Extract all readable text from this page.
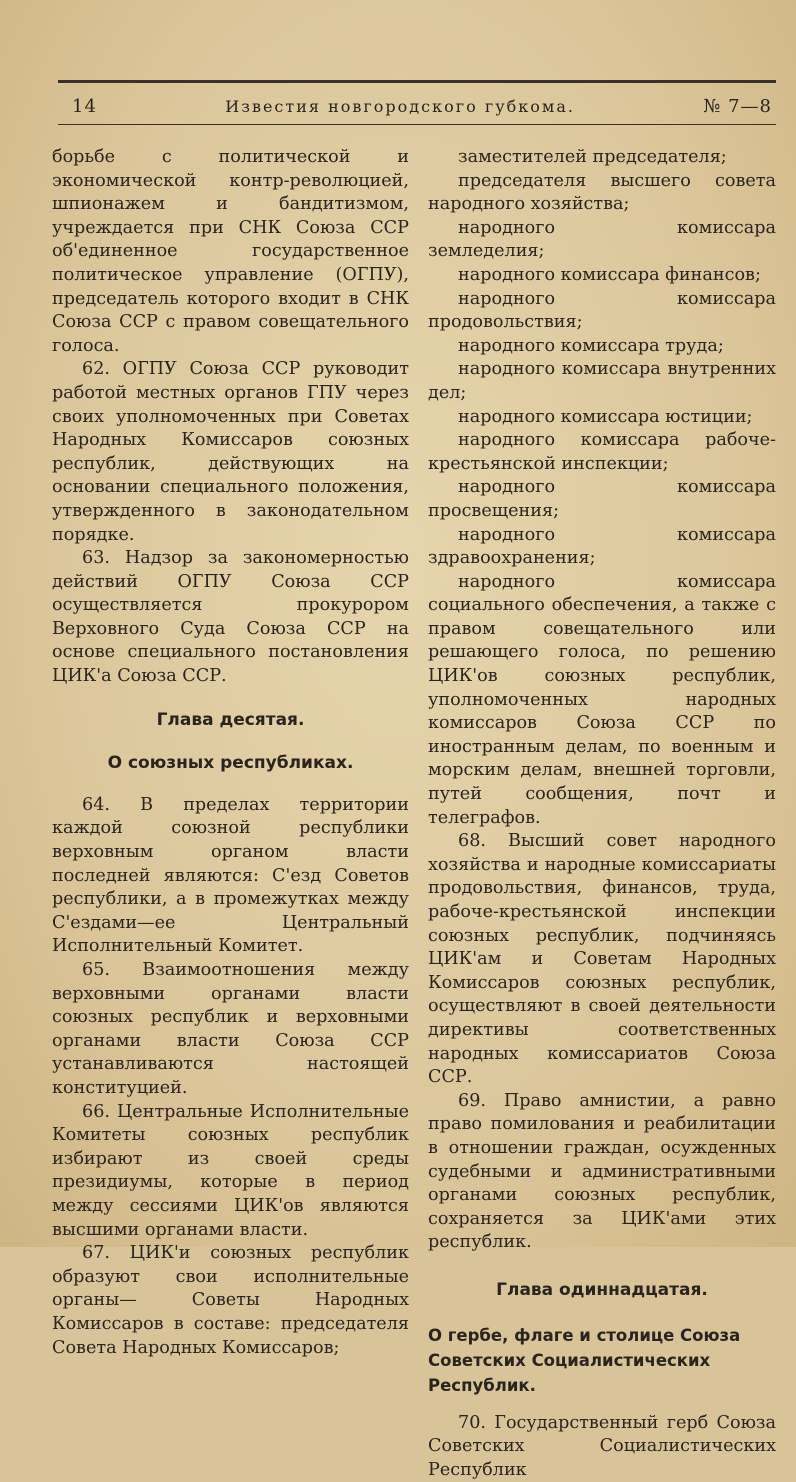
14	Известия новгородского губкома.	№ 7—8

борьбе с политической и экономической контр-революцией, шпионажем и бандитизмом, учреждается при СНК Союза ССР об'единенное государственное политическое управление (ОГПУ), председатель которого входит в СНК Союза ССР с правом совещательного голоса.

62. ОГПУ Союза ССР руководит работой местных органов ГПУ через своих уполномоченных при Советах Народных Комиссаров союзных республик, действующих на основании специального положения, утвержденного в законодательном порядке.

63. Надзор за закономерностью действий ОГПУ Союза ССР осуществляется прокурором Верховного Суда Союза ССР на основе специального постановления ЦИК'а Союза ССР.

Глава десятая.
О союзных республиках.

64. В пределах территории каждой союзной республики верховным органом власти последней являются: С'езд Советов республики, а в промежутках между С'ездами—ее Центральный Исполнительный Комитет.

65. Взаимоотношения между верховными органами власти союзных республик и верховными органами власти Союза ССР устанавливаются настоящей конституцией.

66. Центральные Исполнительные Комитеты союзных республик избирают из своей среды президиумы, которые в период между сессиями ЦИК'ов являются высшими органами власти.

67. ЦИК'и союзных республик образуют свои исполнительные органы— Советы Народных Комиссаров в составе: председателя Совета Народных Комиссаров;

заместителей председателя;

председателя высшего совета народного хозяйства;

народного комиссара земледелия;

народного комиссара финансов;

народного комиссара продовольствия;

народного комиссара труда;

народного комиссара внутренних дел;

народного комиссара юстиции;

народного комиссара рабоче-крестьянской инспекции;

народного комиссара просвещения;

народного комиссара здравоохранения;

народного комиссара социального обеспечения, а также с правом совещательного или решающего голоса, по решению ЦИК'ов союзных республик, уполномоченных народных комиссаров Союза ССР по иностранным делам, по военным и морским делам, внешней торговли, путей сообщения, почт и телеграфов.

68. Высший совет народного хозяйства и народные комиссариаты продовольствия, финансов, труда, рабоче-крестьянской инспекции союзных республик, подчиняясь ЦИК'ам и Советам Народных Комиссаров союзных республик, осуществляют в своей деятельности директивы соответственных народных комиссариатов Союза ССР.

69. Право амнистии, а равно право помилования и реабилитации в отношении граждан, осужденных судебными и административными органами союзных республик, сохраняется за ЦИК'ами этих республик.

Глава одиннадцатая.
О гербе, флаге и столице Союза Советских Социалистических Республик.

70. Государственный герб Союза Советских Социалистических Республик
